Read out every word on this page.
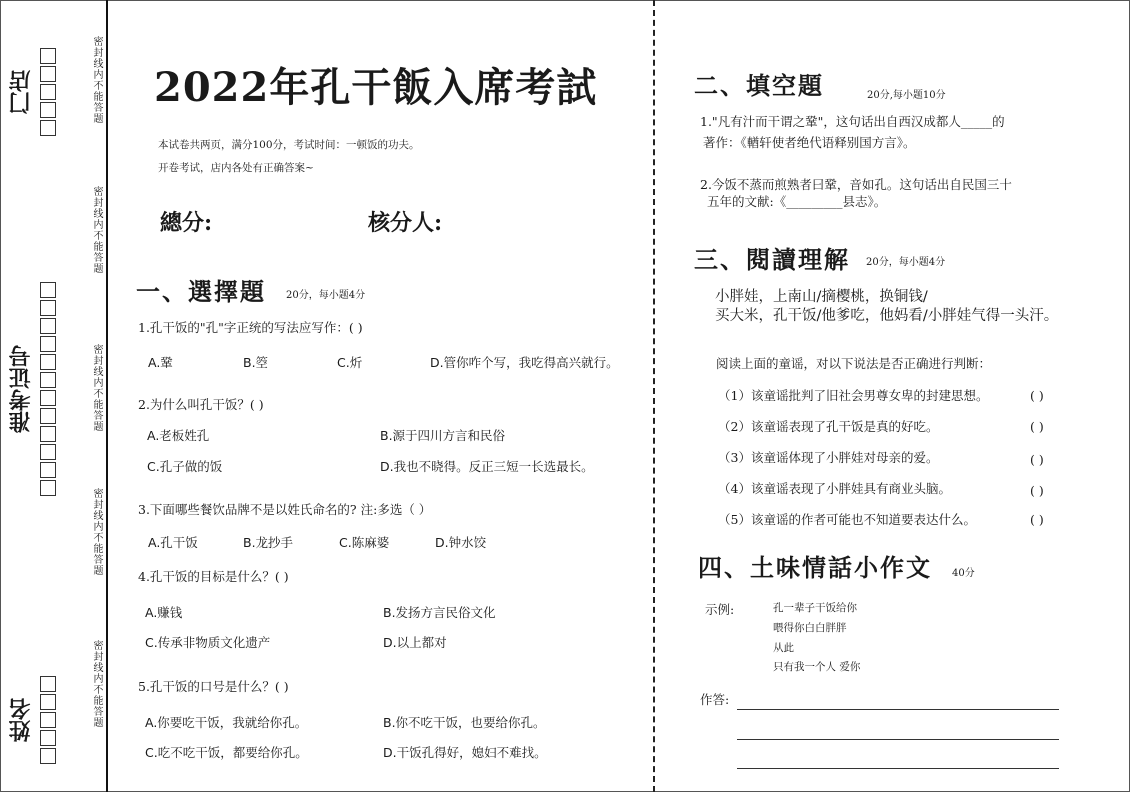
门店
准考证号
姓名
密封线内不能答题
密封线内不能答题
密封线内不能答题
密封线内不能答题
密封线内不能答题
2022年孔干飯入席考試
本试卷共两页，满分100分，考试时间：一顿饭的功夫。
开卷考试，店内各处有正确答案~
總分:	核分人:
一、選擇題 20分，每小题4分
1.孔干饭的"孔"字正统的写法应写作：( )
A.鞏	B.箜	C.炘	D.管你咋个写，我吃得高兴就行。
2.为什么叫孔干饭？( )
A.老板姓孔	B.源于四川方言和民俗
C.孔子做的饭	D.我也不晓得。反正三短一长选最长。
3.下面哪些餐饮品牌不是以姓氏命名的? 注:多选（ ）
A.孔干饭	B.龙抄手	C.陈麻婆	D.钟水饺
4.孔干饭的目标是什么？( )
A.赚钱	B.发扬方言民俗文化
C.传承非物质文化遗产	D.以上都对
5.孔干饭的口号是什么？( )
A.你要吃干饭，我就给你孔。	B.你不吃干饭，也要给你孔。
C.吃不吃干饭，都要给你孔。	D.干饭孔得好，媳妇不难找。
二、填空題	20分,每小题10分
1."凡有汁而干谓之鞏"，这句话出自西汉成都人_____的
著作：《輶轩使者绝代语释别国方言》。
2.今饭不蒸而煎熟者曰鞏，音如孔。这句话出自民国三十
五年的文献:《_________县志》。
三、閱讀理解 20分，每小题4分
小胖娃，上南山/摘樱桃，换铜钱/
买大米，孔干饭/他爹吃，他妈看/小胖娃气得一头汗。
阅读上面的童谣，对以下说法是否正确进行判断：
（1）该童谣批判了旧社会男尊女卑的封建思想。	( )
（2）该童谣表现了孔干饭是真的好吃。	( )
（3）该童谣体现了小胖娃对母亲的爱。	( )
（4）该童谣表现了小胖娃具有商业头脑。	( )
（5）该童谣的作者可能也不知道要表达什么。	( )
四、土味情話小作文 40分
示例:	孔一辈子干饭给你
喂得你白白胖胖
从此
只有我一个人 爱你
作答:
